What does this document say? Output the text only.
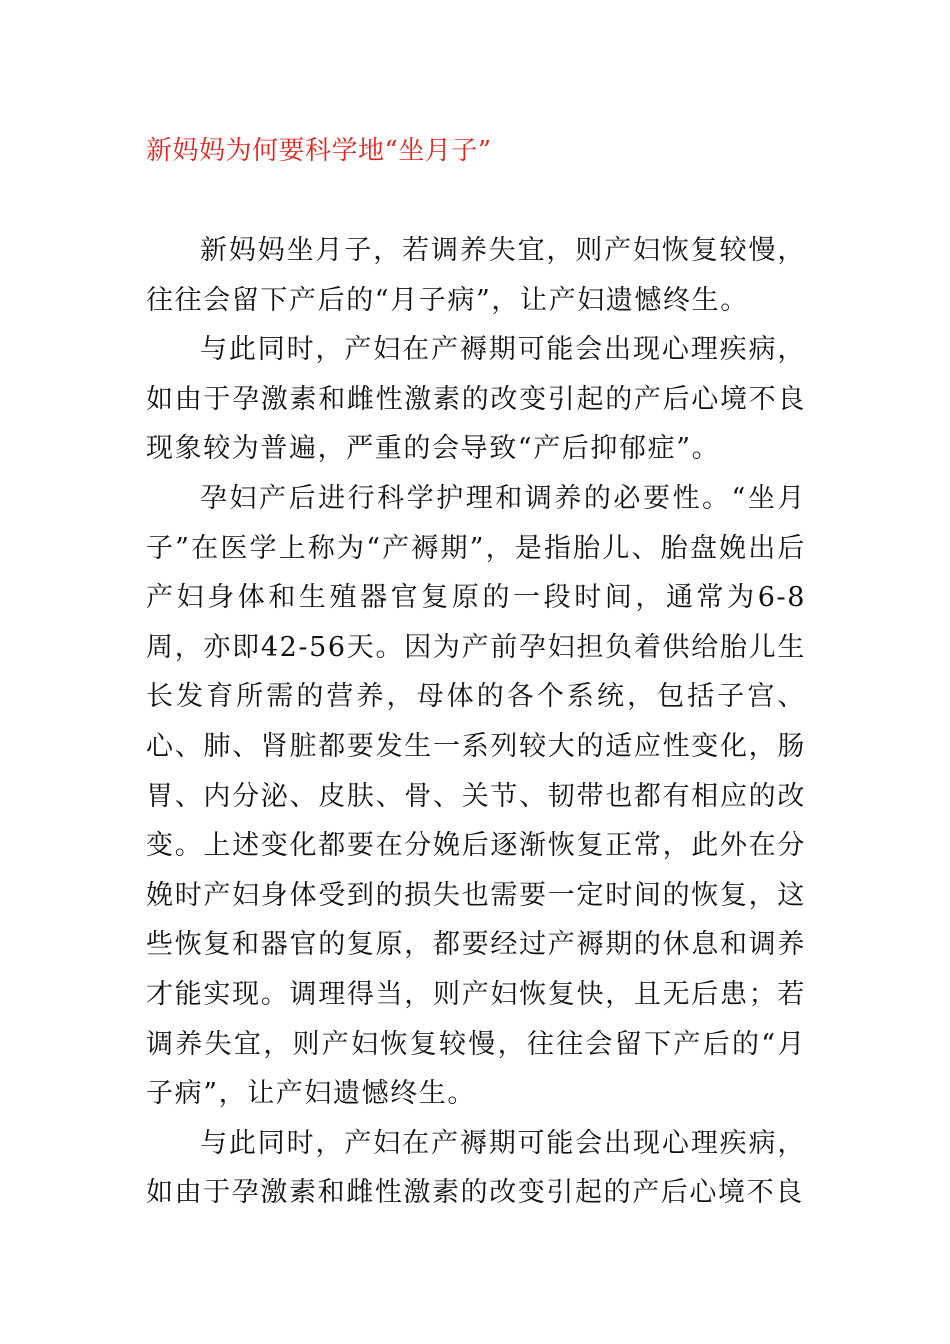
新妈妈为何要科学地“坐月子”

新妈妈坐月子，若调养失宜，则产妇恢复较慢，往往会留下产后的“月子病”，让产妇遗憾终生。

与此同时，产妇在产褥期可能会出现心理疾病，如由于孕激素和雌性激素的改变引起的产后心境不良现象较为普遍，严重的会导致“产后抑郁症”。

孕妇产后进行科学护理和调养的必要性。“坐月子”在医学上称为“产褥期”，是指胎儿、胎盘娩出后产妇身体和生殖器官复原的一段时间，通常为6-8周，亦即42-56天。因为产前孕妇担负着供给胎儿生长发育所需的营养，母体的各个系统，包括子宫、心、肺、肾脏都要发生一系列较大的适应性变化，肠胃、内分泌、皮肤、骨、关节、韧带也都有相应的改变。上述变化都要在分娩后逐渐恢复正常，此外在分娩时产妇身体受到的损失也需要一定时间的恢复，这些恢复和器官的复原，都要经过产褥期的休息和调养才能实现。调理得当，则产妇恢复快，且无后患；若调养失宜，则产妇恢复较慢，往往会留下产后的“月子病”，让产妇遗憾终生。

与此同时，产妇在产褥期可能会出现心理疾病，如由于孕激素和雌性激素的改变引起的产后心境不良
